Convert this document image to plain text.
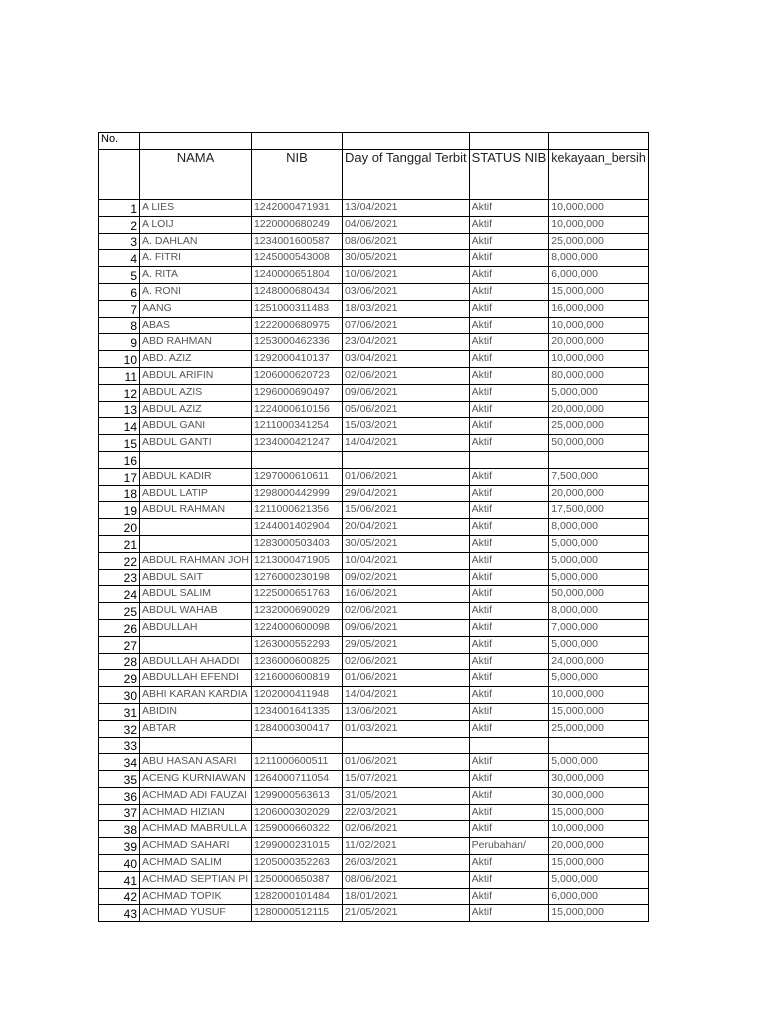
No.					
	NAMA	NIB	Day of Tanggal Terbit	STATUS NIB	kekayaan_bersih
1	A LIES	1242000471931	13/04/2021	Aktif	10,000,000
2	A LOIJ	1220000680249	04/06/2021	Aktif	10,000,000
3	A. DAHLAN	1234001600587	08/06/2021	Aktif	25,000,000
4	A. FITRI	1245000543008	30/05/2021	Aktif	8,000,000
5	A. RITA	1240000651804	10/06/2021	Aktif	6,000,000
6	A. RONI	1248000680434	03/06/2021	Aktif	15,000,000
7	AANG	1251000311483	18/03/2021	Aktif	16,000,000
8	ABAS	1222000680975	07/06/2021	Aktif	10,000,000
9	ABD RAHMAN	1253000462336	23/04/2021	Aktif	20,000,000
10	ABD. AZIZ	1292000410137	03/04/2021	Aktif	10,000,000
11	ABDUL ARIFIN	1206000620723	02/06/2021	Aktif	80,000,000
12	ABDUL AZIS	1296000690497	09/06/2021	Aktif	5,000,000
13	ABDUL AZIZ	1224000610156	05/06/2021	Aktif	20,000,000
14	ABDUL GANI	1211000341254	15/03/2021	Aktif	25,000,000
15	ABDUL GANTI	1234000421247	14/04/2021	Aktif	50,000,000
16					
17	ABDUL KADIR	1297000610611	01/06/2021	Aktif	7,500,000
18	ABDUL LATIP	1298000442999	29/04/2021	Aktif	20,000,000
19	ABDUL RAHMAN	1211000621356	15/06/2021	Aktif	17,500,000
20		1244001402904	20/04/2021	Aktif	8,000,000
21		1283000503403	30/05/2021	Aktif	5,000,000
22	ABDUL RAHMAN JOH	1213000471905	10/04/2021	Aktif	5,000,000
23	ABDUL SAIT	1276000230198	09/02/2021	Aktif	5,000,000
24	ABDUL SALIM	1225000651763	16/06/2021	Aktif	50,000,000
25	ABDUL WAHAB	1232000690029	02/06/2021	Aktif	8,000,000
26	ABDULLAH	1224000600098	09/06/2021	Aktif	7,000,000
27		1263000552293	29/05/2021	Aktif	5,000,000
28	ABDULLAH AHADDI	1236000600825	02/06/2021	Aktif	24,000,000
29	ABDULLAH EFENDI	1216000600819	01/06/2021	Aktif	5,000,000
30	ABHI KARAN KARDIA	1202000411948	14/04/2021	Aktif	10,000,000
31	ABIDIN	1234001641335	13/06/2021	Aktif	15,000,000
32	ABTAR	1284000300417	01/03/2021	Aktif	25,000,000
33					
34	ABU HASAN ASARI	1211000600511	01/06/2021	Aktif	5,000,000
35	ACENG KURNIAWAN	1264000711054	15/07/2021	Aktif	30,000,000
36	ACHMAD ADI FAUZAI	1299000563613	31/05/2021	Aktif	30,000,000
37	ACHMAD HIZIAN	1206000302029	22/03/2021	Aktif	15,000,000
38	ACHMAD MABRULLA	1259000660322	02/06/2021	Aktif	10,000,000
39	ACHMAD SAHARI	1299000231015	11/02/2021	Perubahan/	20,000,000
40	ACHMAD SALIM	1205000352263	26/03/2021	Aktif	15,000,000
41	ACHMAD SEPTIAN PI	1250000650387	08/06/2021	Aktif	5,000,000
42	ACHMAD TOPIK	1282000101484	18/01/2021	Aktif	6,000,000
43	ACHMAD YUSUF	1280000512115	21/05/2021	Aktif	15,000,000
